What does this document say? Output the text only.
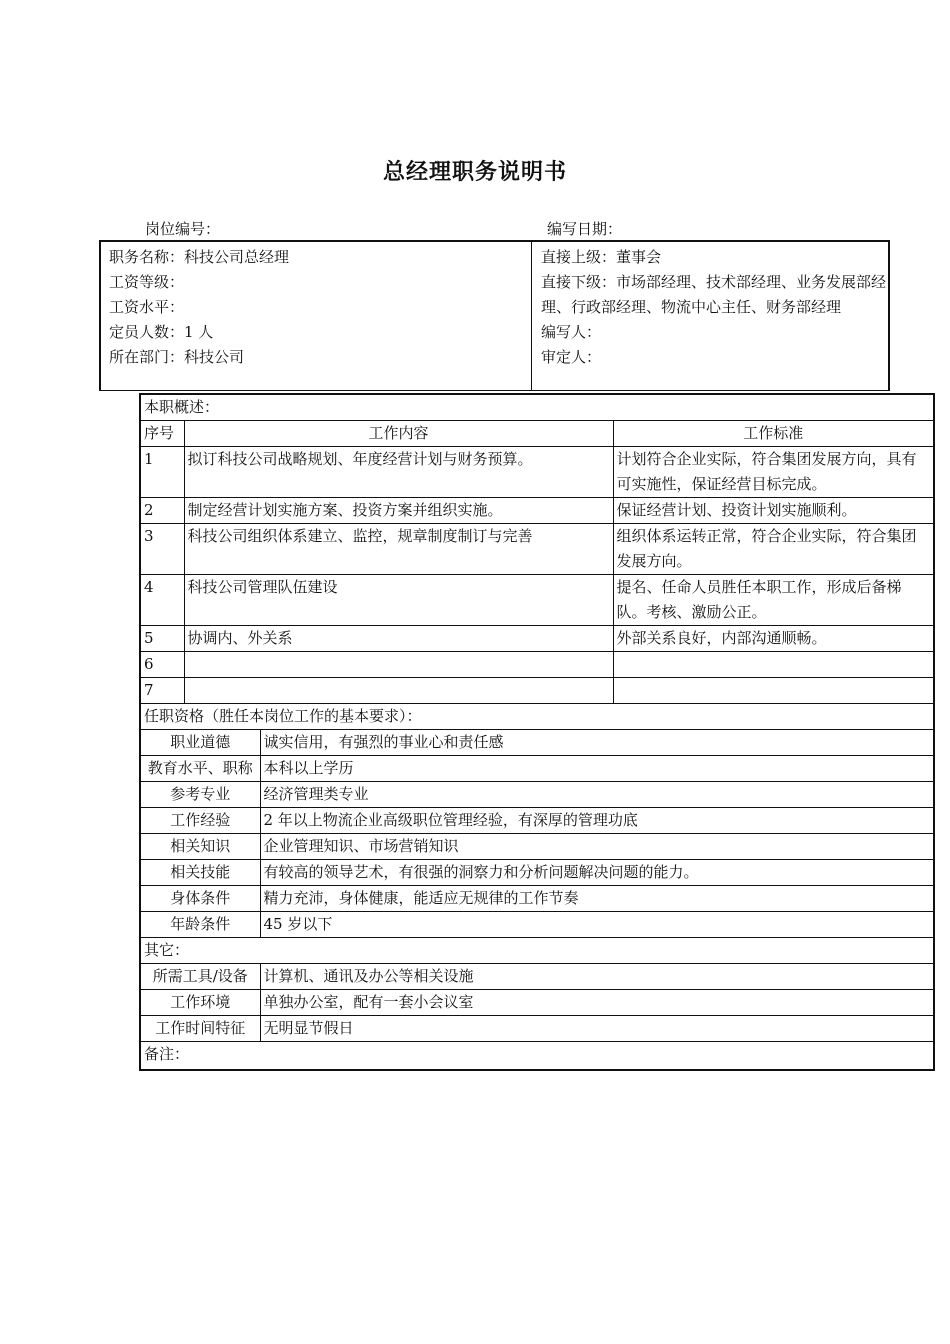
总经理职务说明书
岗位编号：	编写日期：
职务名称：科技公司总经理
工资等级：
工资水平：
定员人数：1 人
所在部门：科技公司
直接上级：董事会
直接下级：市场部经理、技术部经理、业务发展部经理、行政部经理、物流中心主任、财务部经理
编写人：
审定人：
本职概述：			
序号	工作内容		工作标准
1	拟订科技公司战略规划、年度经营计划与财务预算。		计划符合企业实际，符合集团发展方向，具有可实施性，保证经营目标完成。
2	制定经营计划实施方案、投资方案并组织实施。		保证经营计划、投资计划实施顺利。
3	科技公司组织体系建立、监控，规章制度制订与完善		组织体系运转正常，符合企业实际，符合集团发展方向。
4	科技公司管理队伍建设		提名、任命人员胜任本职工作，形成后备梯队。考核、激励公正。
5	协调内、外关系		外部关系良好，内部沟通顺畅。
6			
7			
任职资格（胜任本岗位工作的基本要求）：			
职业道德		诚实信用，有强烈的事业心和责任感	
教育水平、职称		本科以上学历	
参考专业		经济管理类专业	
工作经验		2 年以上物流企业高级职位管理经验，有深厚的管理功底	
相关知识		企业管理知识、市场营销知识	
相关技能		有较高的领导艺术，有很强的洞察力和分析问题解决问题的能力。	
身体条件		精力充沛，身体健康，能适应无规律的工作节奏	
年龄条件		45 岁以下	
其它：			
所需工具/设备		计算机、通讯及办公等相关设施	
工作环境		单独办公室，配有一套小会议室	
工作时间特征		无明显节假日	
备注：			
